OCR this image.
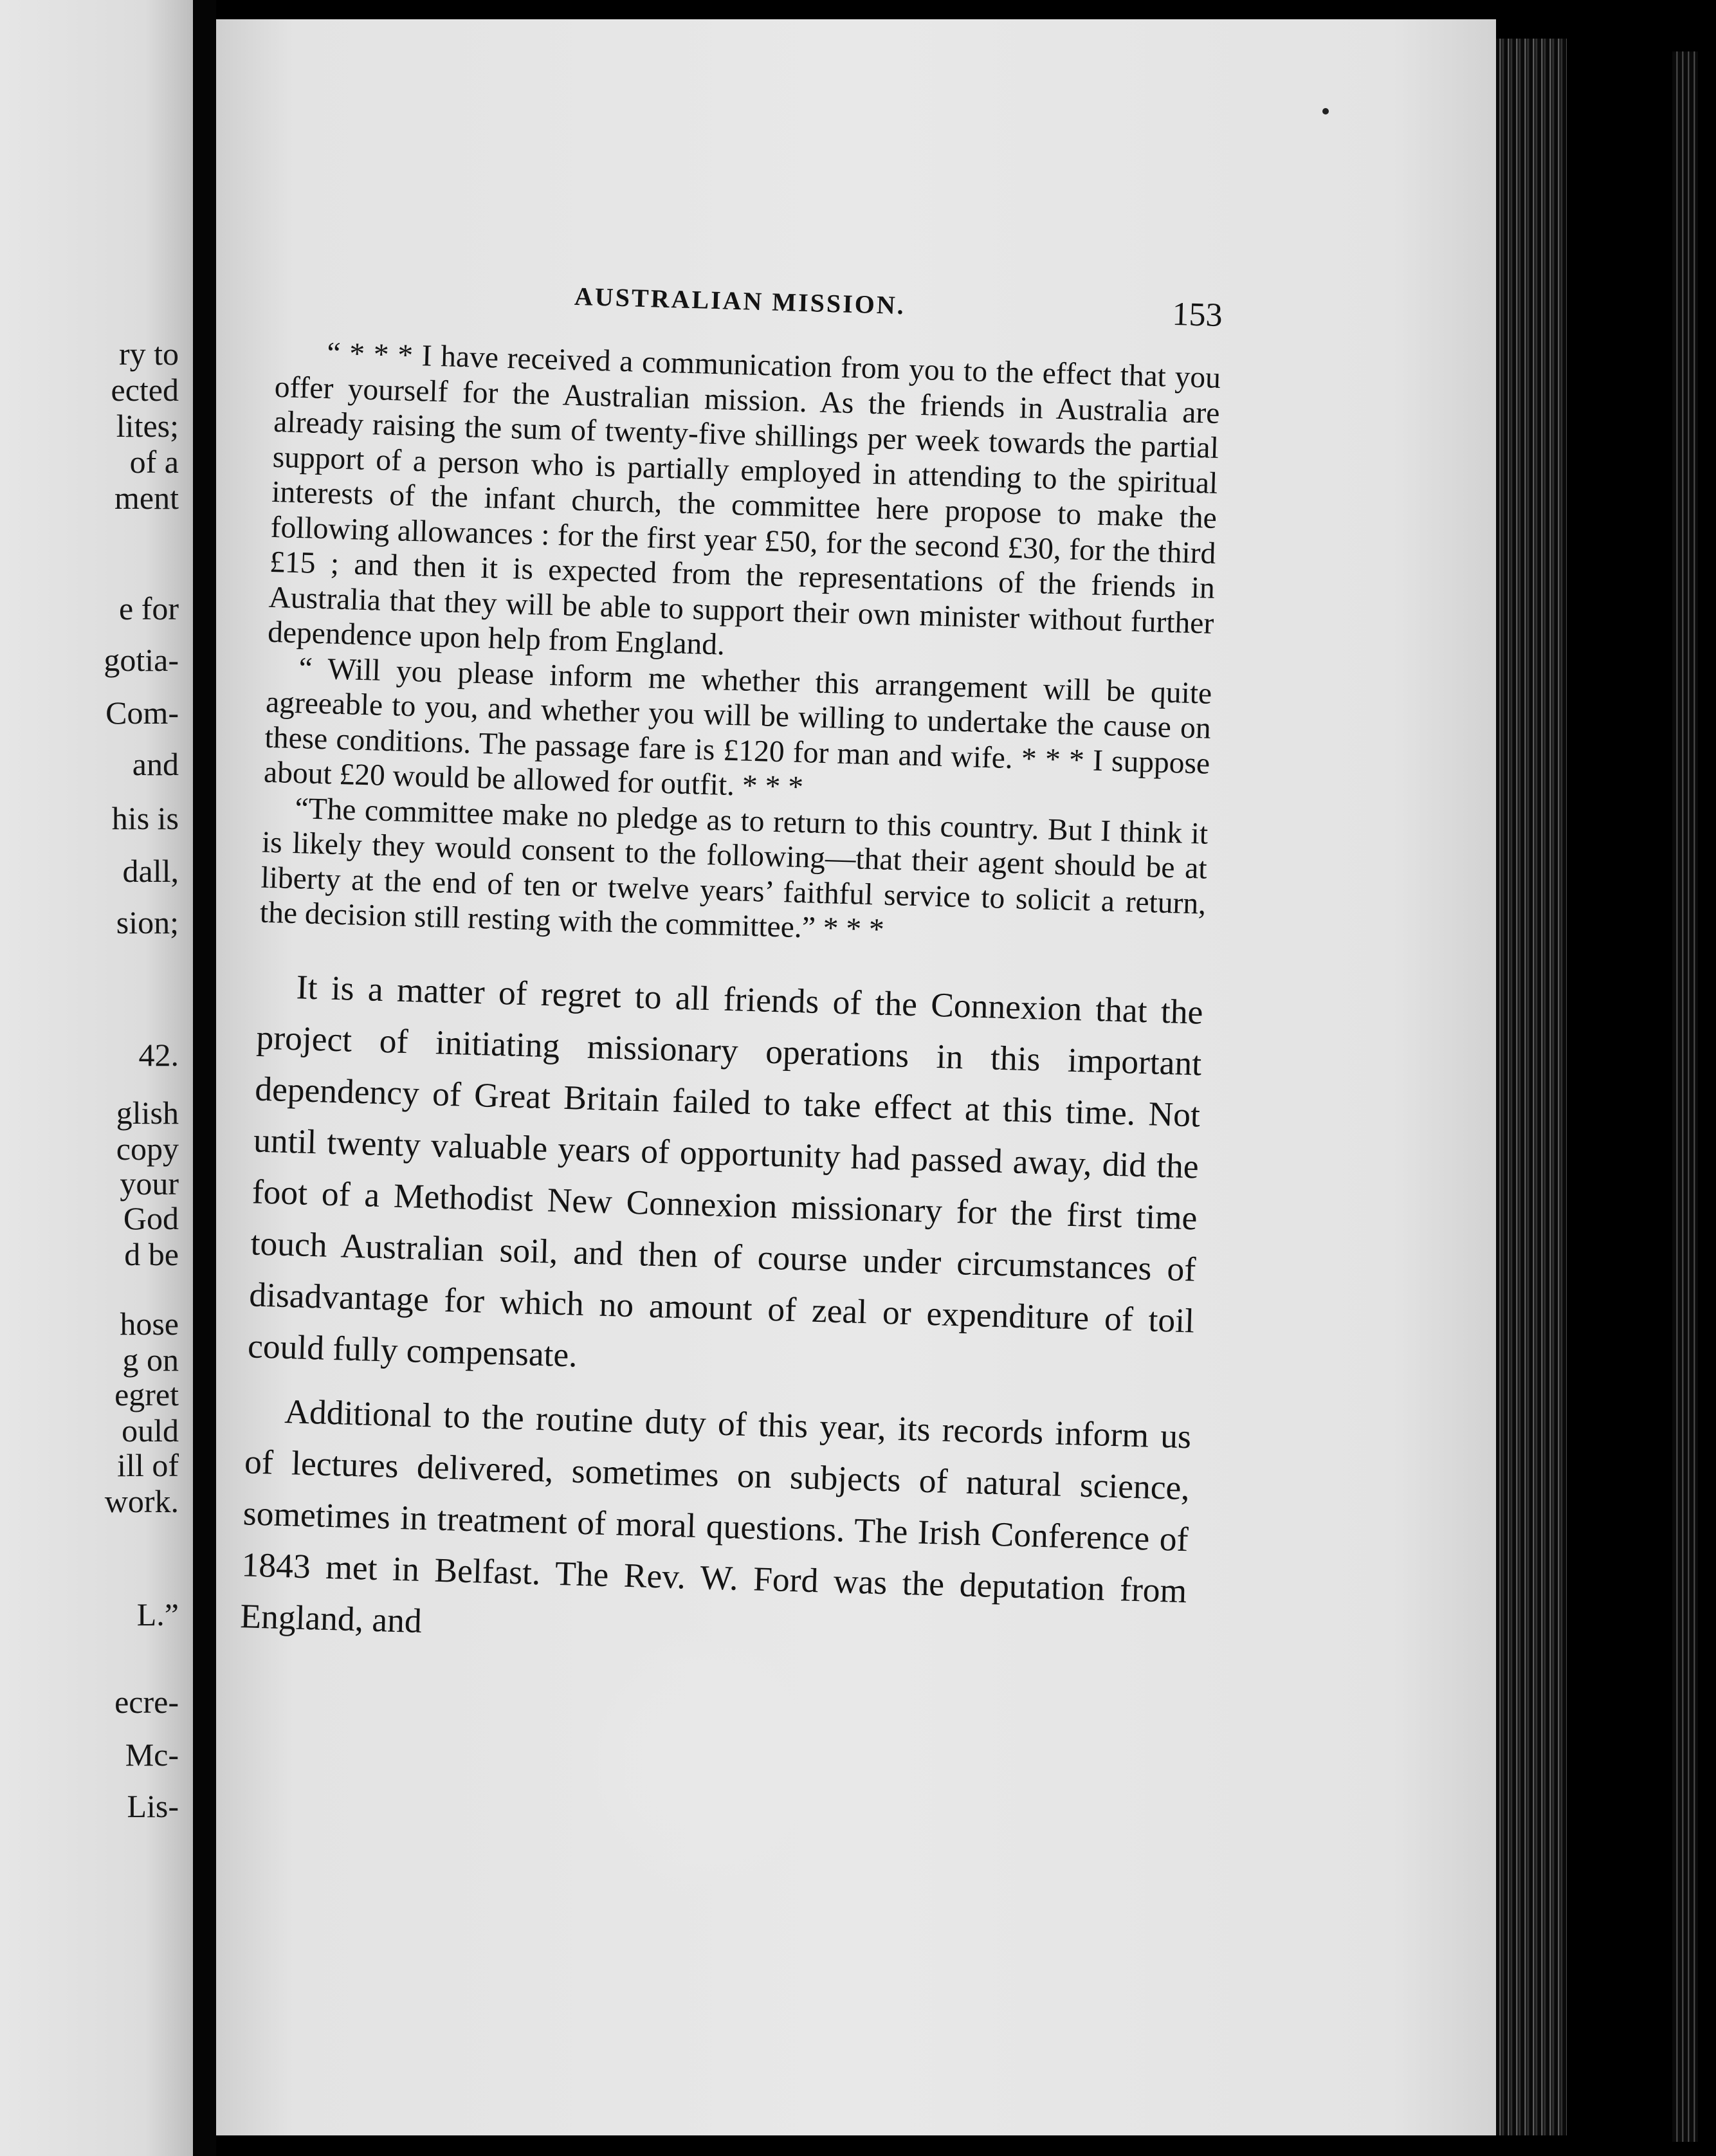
ry to

ected

lites;

of a

ment

e for

gotia-

Com-

and

his is

dall,

sion;

42.

glish

copy

your

God

d be

hose

g on

egret

ould

ill of

work.

L.”

ecre-

Mc-

Lis-

AUSTRALIAN MISSION.	153

“ * * * I have received a communication from you to the effect that you offer yourself for the Australian mission. As the friends in Australia are already raising the sum of twenty-five shillings per week towards the partial support of a person who is partially employed in attending to the spiritual interests of the infant church, the committee here propose to make the following allowances : for the first year £50, for the second £30, for the third £15 ; and then it is expected from the representations of the friends in Australia that they will be able to support their own minister without further dependence upon help from England.

“ Will you please inform me whether this arrangement will be quite agreeable to you, and whether you will be willing to undertake the cause on these conditions. The passage fare is £120 for man and wife. * * * I suppose about £20 would be allowed for outfit. * * *

“The committee make no pledge as to return to this country. But I think it is likely they would consent to the following—that their agent should be at liberty at the end of ten or twelve years’ faithful service to solicit a return, the decision still resting with the committee.” * * *

It is a matter of regret to all friends of the Connexion that the project of initiating missionary operations in this important dependency of Great Britain failed to take effect at this time. Not until twenty valuable years of opportunity had passed away, did the foot of a Methodist New Connexion missionary for the first time touch Australian soil, and then of course under circumstances of disadvantage for which no amount of zeal or expenditure of toil could fully compensate.

Additional to the routine duty of this year, its records inform us of lectures delivered, sometimes on subjects of natural science, sometimes in treatment of moral questions. The Irish Conference of 1843 met in Belfast. The Rev. W. Ford was the deputation from England, and
